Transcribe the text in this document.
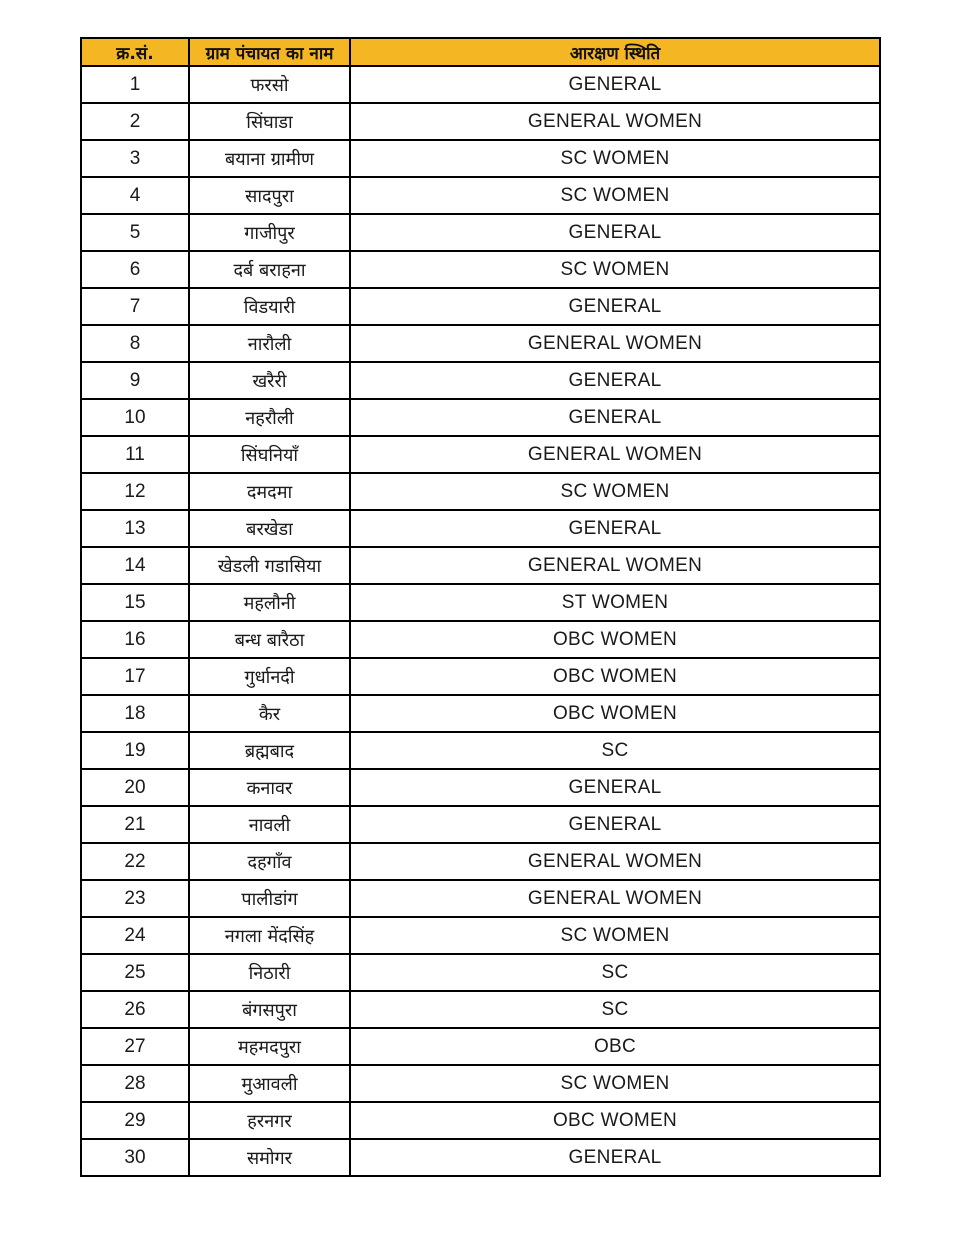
क्र.सं.	ग्राम पंचायत का नाम	आरक्षण स्थिति
1	फरसो	GENERAL
2	सिंघाडा	GENERAL WOMEN
3	बयाना ग्रामीण	SC WOMEN
4	सादपुरा	SC WOMEN
5	गाजीपुर	GENERAL
6	दर्ब बराहना	SC WOMEN
7	विडयारी	GENERAL
8	नारौली	GENERAL WOMEN
9	खरैरी	GENERAL
10	नहरौली	GENERAL
11	सिंघनियाँ	GENERAL WOMEN
12	दमदमा	SC WOMEN
13	बरखेडा	GENERAL
14	खेडली गडासिया	GENERAL WOMEN
15	महलौनी	ST WOMEN
16	बन्ध बारैठा	OBC WOMEN
17	गुर्धानदी	OBC WOMEN
18	कैर	OBC WOMEN
19	ब्रह्मबाद	SC
20	कनावर	GENERAL
21	नावली	GENERAL
22	दहगाँव	GENERAL WOMEN
23	पालीडांग	GENERAL WOMEN
24	नगला मेंदसिंह	SC WOMEN
25	निठारी	SC
26	बंगसपुरा	SC
27	महमदपुरा	OBC
28	मुआवली	SC WOMEN
29	हरनगर	OBC WOMEN
30	समोगर	GENERAL
